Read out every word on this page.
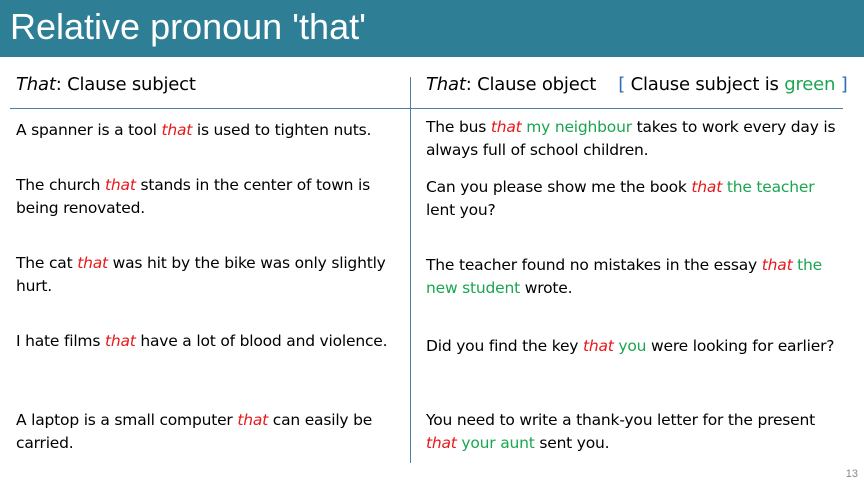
Relative pronoun 'that'
That: Clause subject	That: Clause object [ Clause subject is green ]
A spanner is a tool that is used to tighten nuts.
The church that stands in the center of town is being renovated.
The cat that was hit by the bike was only slightly hurt.
I hate films that have a lot of blood and violence.
A laptop is a small computer that can easily be carried.
The bus that my neighbour takes to work every day is always full of school children.
Can you please show me the book that the teacher lent you?
The teacher found no mistakes in the essay that the new student wrote.
Did you find the key that you were looking for earlier?
You need to write a thank-you letter for the present that your aunt sent you.
13
